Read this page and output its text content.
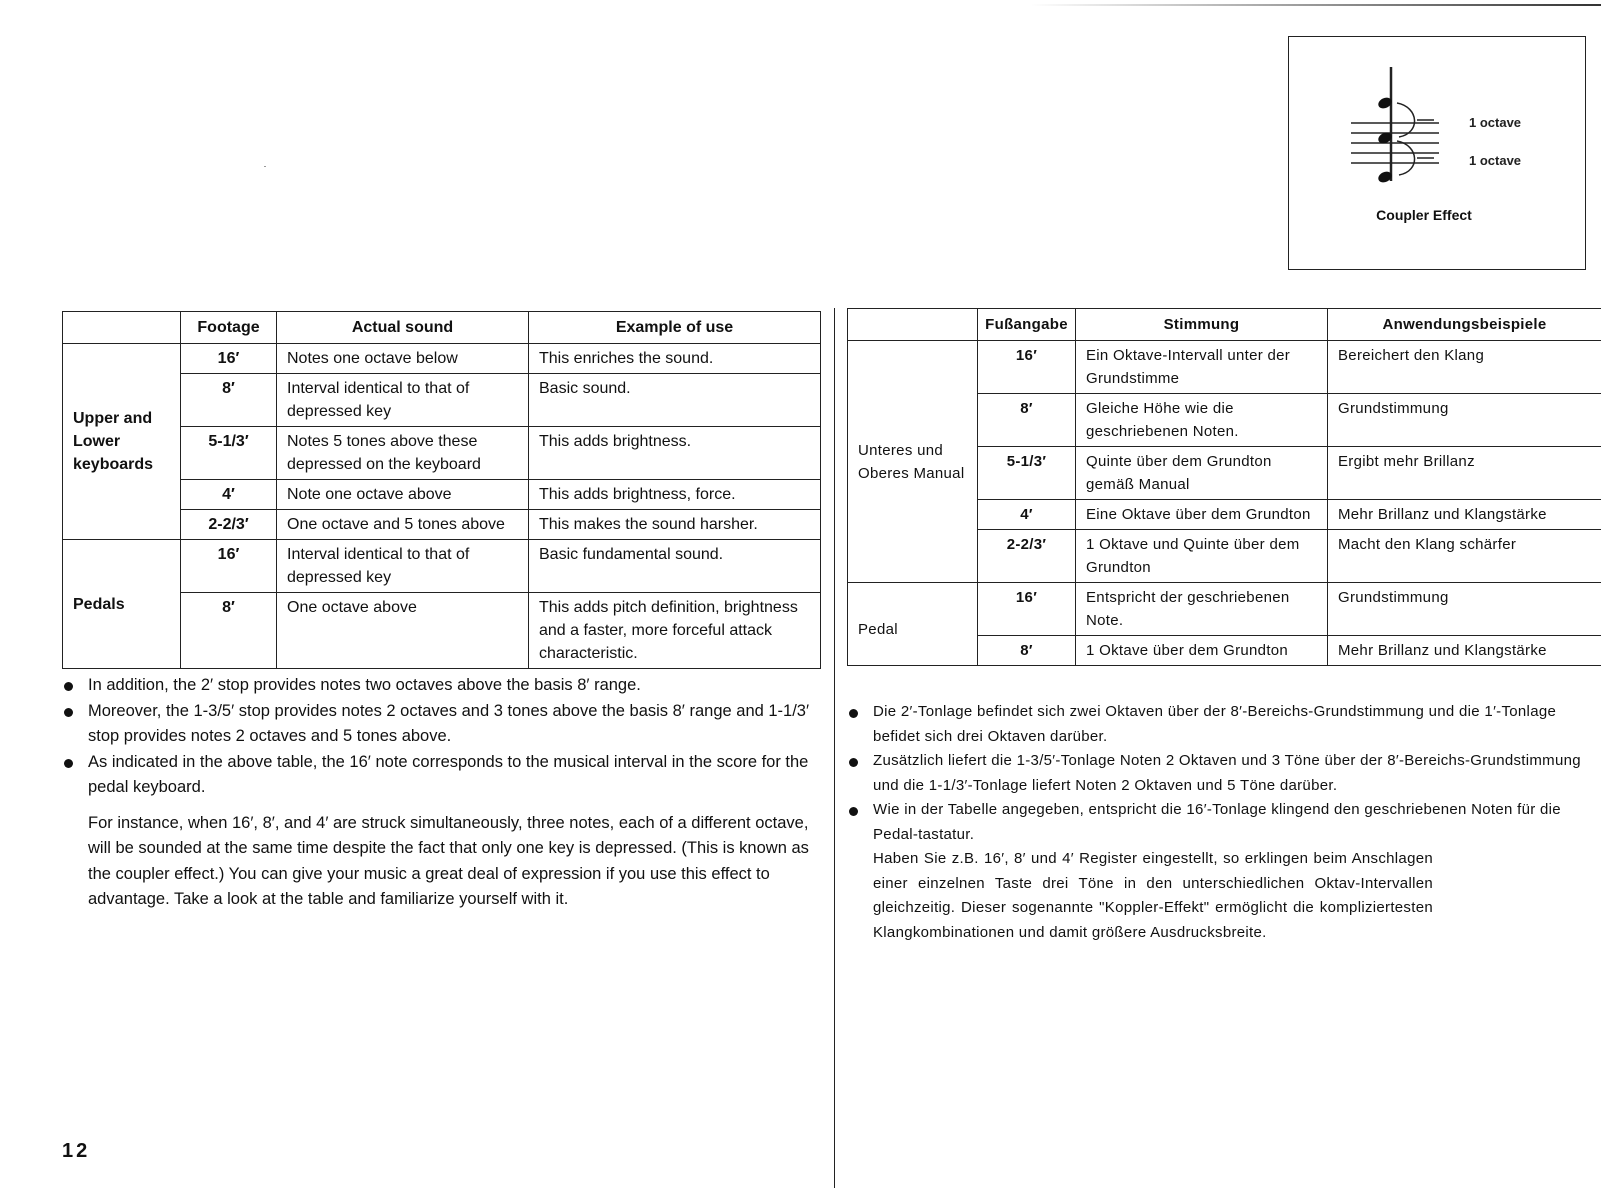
1 octave
1 octave
Coupler Effect
	Footage	Actual sound	Example of use
Upper and Lower keyboards	16′	Notes one octave below	This enriches the sound.
	8′	Interval identical to that of depressed key	Basic sound.
	5-1/3′	Notes 5 tones above these depressed on the keyboard	This adds brightness.
	4′	Note one octave above	This adds brightness, force.
	2-2/3′	One octave and 5 tones above	This makes the sound harsher.
Pedals	16′	Interval identical to that of depressed key	Basic fundamental sound.
	8′	One octave above	This adds pitch definition, brightness and a faster, more forceful attack characteristic.
	Fußangabe	Stimmung	Anwendungsbeispiele
Unteres und Oberes Manual	16′	Ein Oktave-Intervall unter der Grundstimme	Bereichert den Klang
	8′	Gleiche Höhe wie die geschriebenen Noten.	Grundstimmung
	5-1/3′	Quinte über dem Grundton gemäß Manual	Ergibt mehr Brillanz
	4′	Eine Oktave über dem Grundton	Mehr Brillanz und Klangstärke
	2-2/3′	1 Oktave und Quinte über dem Grundton	Macht den Klang schärfer
Pedal	16′	Entspricht der geschriebenen Note.	Grundstimmung
	8′	1 Oktave über dem Grundton	Mehr Brillanz und Klangstärke
In addition, the 2′ stop provides notes two octaves above the basis 8′ range.
Moreover, the 1-3/5′ stop provides notes 2 octaves and 3 tones above the basis 8′ range and 1-1/3′ stop provides notes 2 octaves and 5 tones above.
As indicated in the above table, the 16′ note corresponds to the musical interval in the score for the pedal keyboard.

For instance, when 16′, 8′, and 4′ are struck simultaneously, three notes, each of a different octave, will be sounded at the same time despite the fact that only one key is depressed. (This is known as the coupler effect.) You can give your music a great deal of expression if you use this effect to advantage. Take a look at the table and familiarize yourself with it.

Die 2′-Tonlage befindet sich zwei Oktaven über der 8′-Bereichs-Grundstimmung und die 1′-Tonlage befidet sich drei Oktaven darüber.
Zusätzlich liefert die 1-3/5′-Tonlage Noten 2 Oktaven und 3 Töne über der 8′-Bereichs-Grundstimmung und die 1-1/3′-Tonlage liefert Noten 2 Oktaven und 5 Töne darüber.
Wie in der Tabelle angegeben, entspricht die 16′-Tonlage klingend den geschriebenen Noten für die Pedal-tastatur.

Haben Sie z.B. 16′, 8′ und 4′ Register eingestellt, so erklingen beim Anschlagen einer einzelnen Taste drei Töne in den unterschiedlichen Oktav-Intervallen gleichzeitig. Dieser sogenannte "Koppler-Effekt" ermöglicht die kompliziertesten Klangkombinationen und damit größere Ausdrucksbreite.

12
